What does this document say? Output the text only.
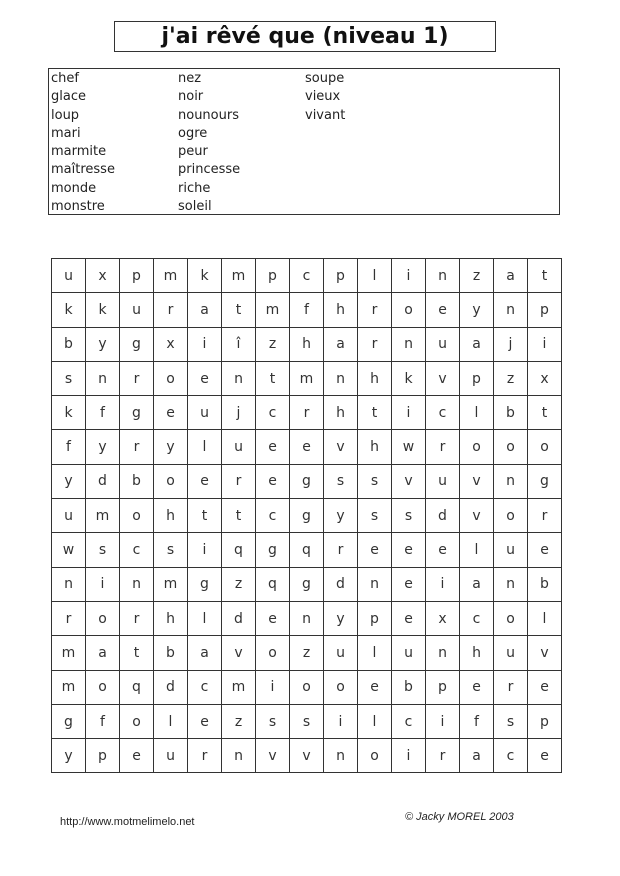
j'ai rêvé que (niveau 1)
chef
glace
loup
mari
marmite
maîtresse
monde
monstre
nez
noir
nounours
ogre
peur
princesse
riche
soleil
soupe
vieux
vivant
u	x	p	m	k	m	p	c	p	l	i	n	z	a	t
k	k	u	r	a	t	m	f	h	r	o	e	y	n	p
b	y	g	x	i	î	z	h	a	r	n	u	a	j	i
s	n	r	o	e	n	t	m	n	h	k	v	p	z	x
k	f	g	e	u	j	c	r	h	t	i	c	l	b	t
f	y	r	y	l	u	e	e	v	h	w	r	o	o	o
y	d	b	o	e	r	e	g	s	s	v	u	v	n	g
u	m	o	h	t	t	c	g	y	s	s	d	v	o	r
w	s	c	s	i	q	g	q	r	e	e	e	l	u	e
n	i	n	m	g	z	q	g	d	n	e	i	a	n	b
r	o	r	h	l	d	e	n	y	p	e	x	c	o	l
m	a	t	b	a	v	o	z	u	l	u	n	h	u	v
m	o	q	d	c	m	i	o	o	e	b	p	e	r	e
g	f	o	l	e	z	s	s	i	l	c	i	f	s	p
y	p	e	u	r	n	v	v	n	o	i	r	a	c	e
http://www.motmelimelo.net	© Jacky MOREL 2003
